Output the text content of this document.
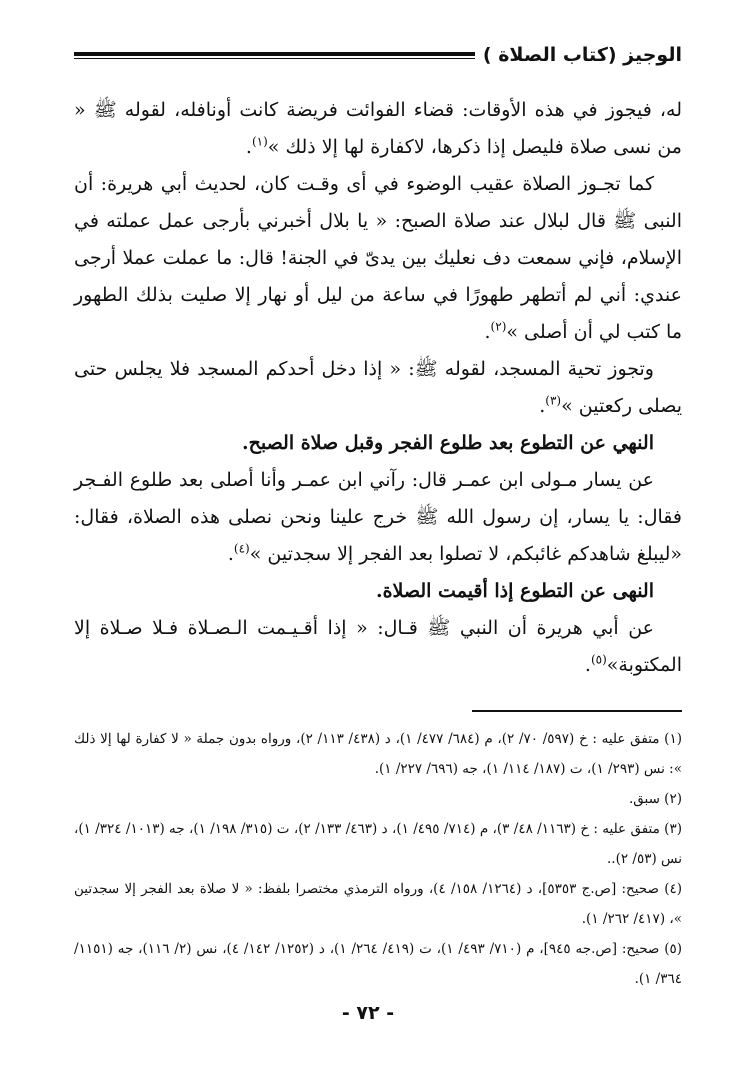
الوجيز (كتاب الصلاة )

له، فيجوز في هذه الأوقات: قضاء الفوائت فريضة كانت أونافله، لقوله ﷺ « من نسى صلاة فليصل إذا ذكرها، لاكفارة لها إلا ذلك »$^{(١)}$.

كما تجـوز الصلاة عقيب الوضوء في أى وقـت كان، لحديث أبي هريرة: أن النبى ﷺ قال لبلال عند صلاة الصبح: « يا بلال أخبرني بأرجى عمل عملته في الإسلام، فإني سمعت دف نعليك بين يدىّ في الجنة! قال: ما عملت عملا أرجى عندي: أني لم أتطهر طهورًا في ساعة من ليل أو نهار إلا صليت بذلك الطهور ما كتب لي أن أصلى »$^{(٢)}$.

وتجوز تحية المسجد، لقوله ﷺ: « إذا دخل أحدكم المسجد فلا يجلس حتى يصلى ركعتين »$^{(٣)}$.

النهي عن التطوع بعد طلوع الفجر وقبل صلاة الصبح.

عن يسار مـولى ابن عمـر قال: رآني ابن عمـر وأنا أصلى بعد طلوع الفـجر فقال: يا يسار، إن رسول الله ﷺ خرج علينا ونحن نصلى هذه الصلاة، فقال: «ليبلغ شاهدكم غائبكم، لا تصلوا بعد الفجر إلا سجدتين »$^{(٤)}$.

النهى عن التطوع إذا أقيمت الصلاة.

عن أبي هريرة أن النبي ﷺ قـال: « إذا أقـيـمت الـصـلاة فـلا صـلاة إلا المكتوبة»$^{(٥)}$.

(١) متفق عليه : خ (٥٩٧/ ٧٠/ ٢)، م (٦٨٤/ ٤٧٧/ ١)، د (٤٣٨/ ١١٣/ ٢)، ورواه بدون جملة « لا كفارة لها إلا ذلك »: نس (٢٩٣/ ١)، ت (١٨٧/ ١١٤/ ١)، جه (٦٩٦/ ٢٢٧/ ١).

(٢) سبق.

(٣) متفق عليه : خ (١١٦٣/ ٤٨/ ٣)، م (٧١٤/ ٤٩٥/ ١)، د (٤٦٣/ ١٣٣/ ٢)، ت (٣١٥/ ١٩٨/ ١)، جه (١٠١٣/ ٣٢٤/ ١)، نس (٥٣/ ٢)..

(٤) صحيح: [ص.ج ٥٣٥٣]، د (١٢٦٤/ ١٥٨/ ٤)، ورواه الترمذي مختصرا بلفظ: « لا صلاة بعد الفجر إلا سجدتين »، (٤١٧/ ٢٦٢/ ١).

(٥) صحيح: [ص.جه ٩٤٥]، م (٧١٠/ ٤٩٣/ ١)، ت (٤١٩/ ٢٦٤/ ١)، د (١٢٥٢/ ١٤٢/ ٤)، نس (٢/ ١١٦)، جه (١١٥١/ ٣٦٤/ ١).

- ٧٢ -
